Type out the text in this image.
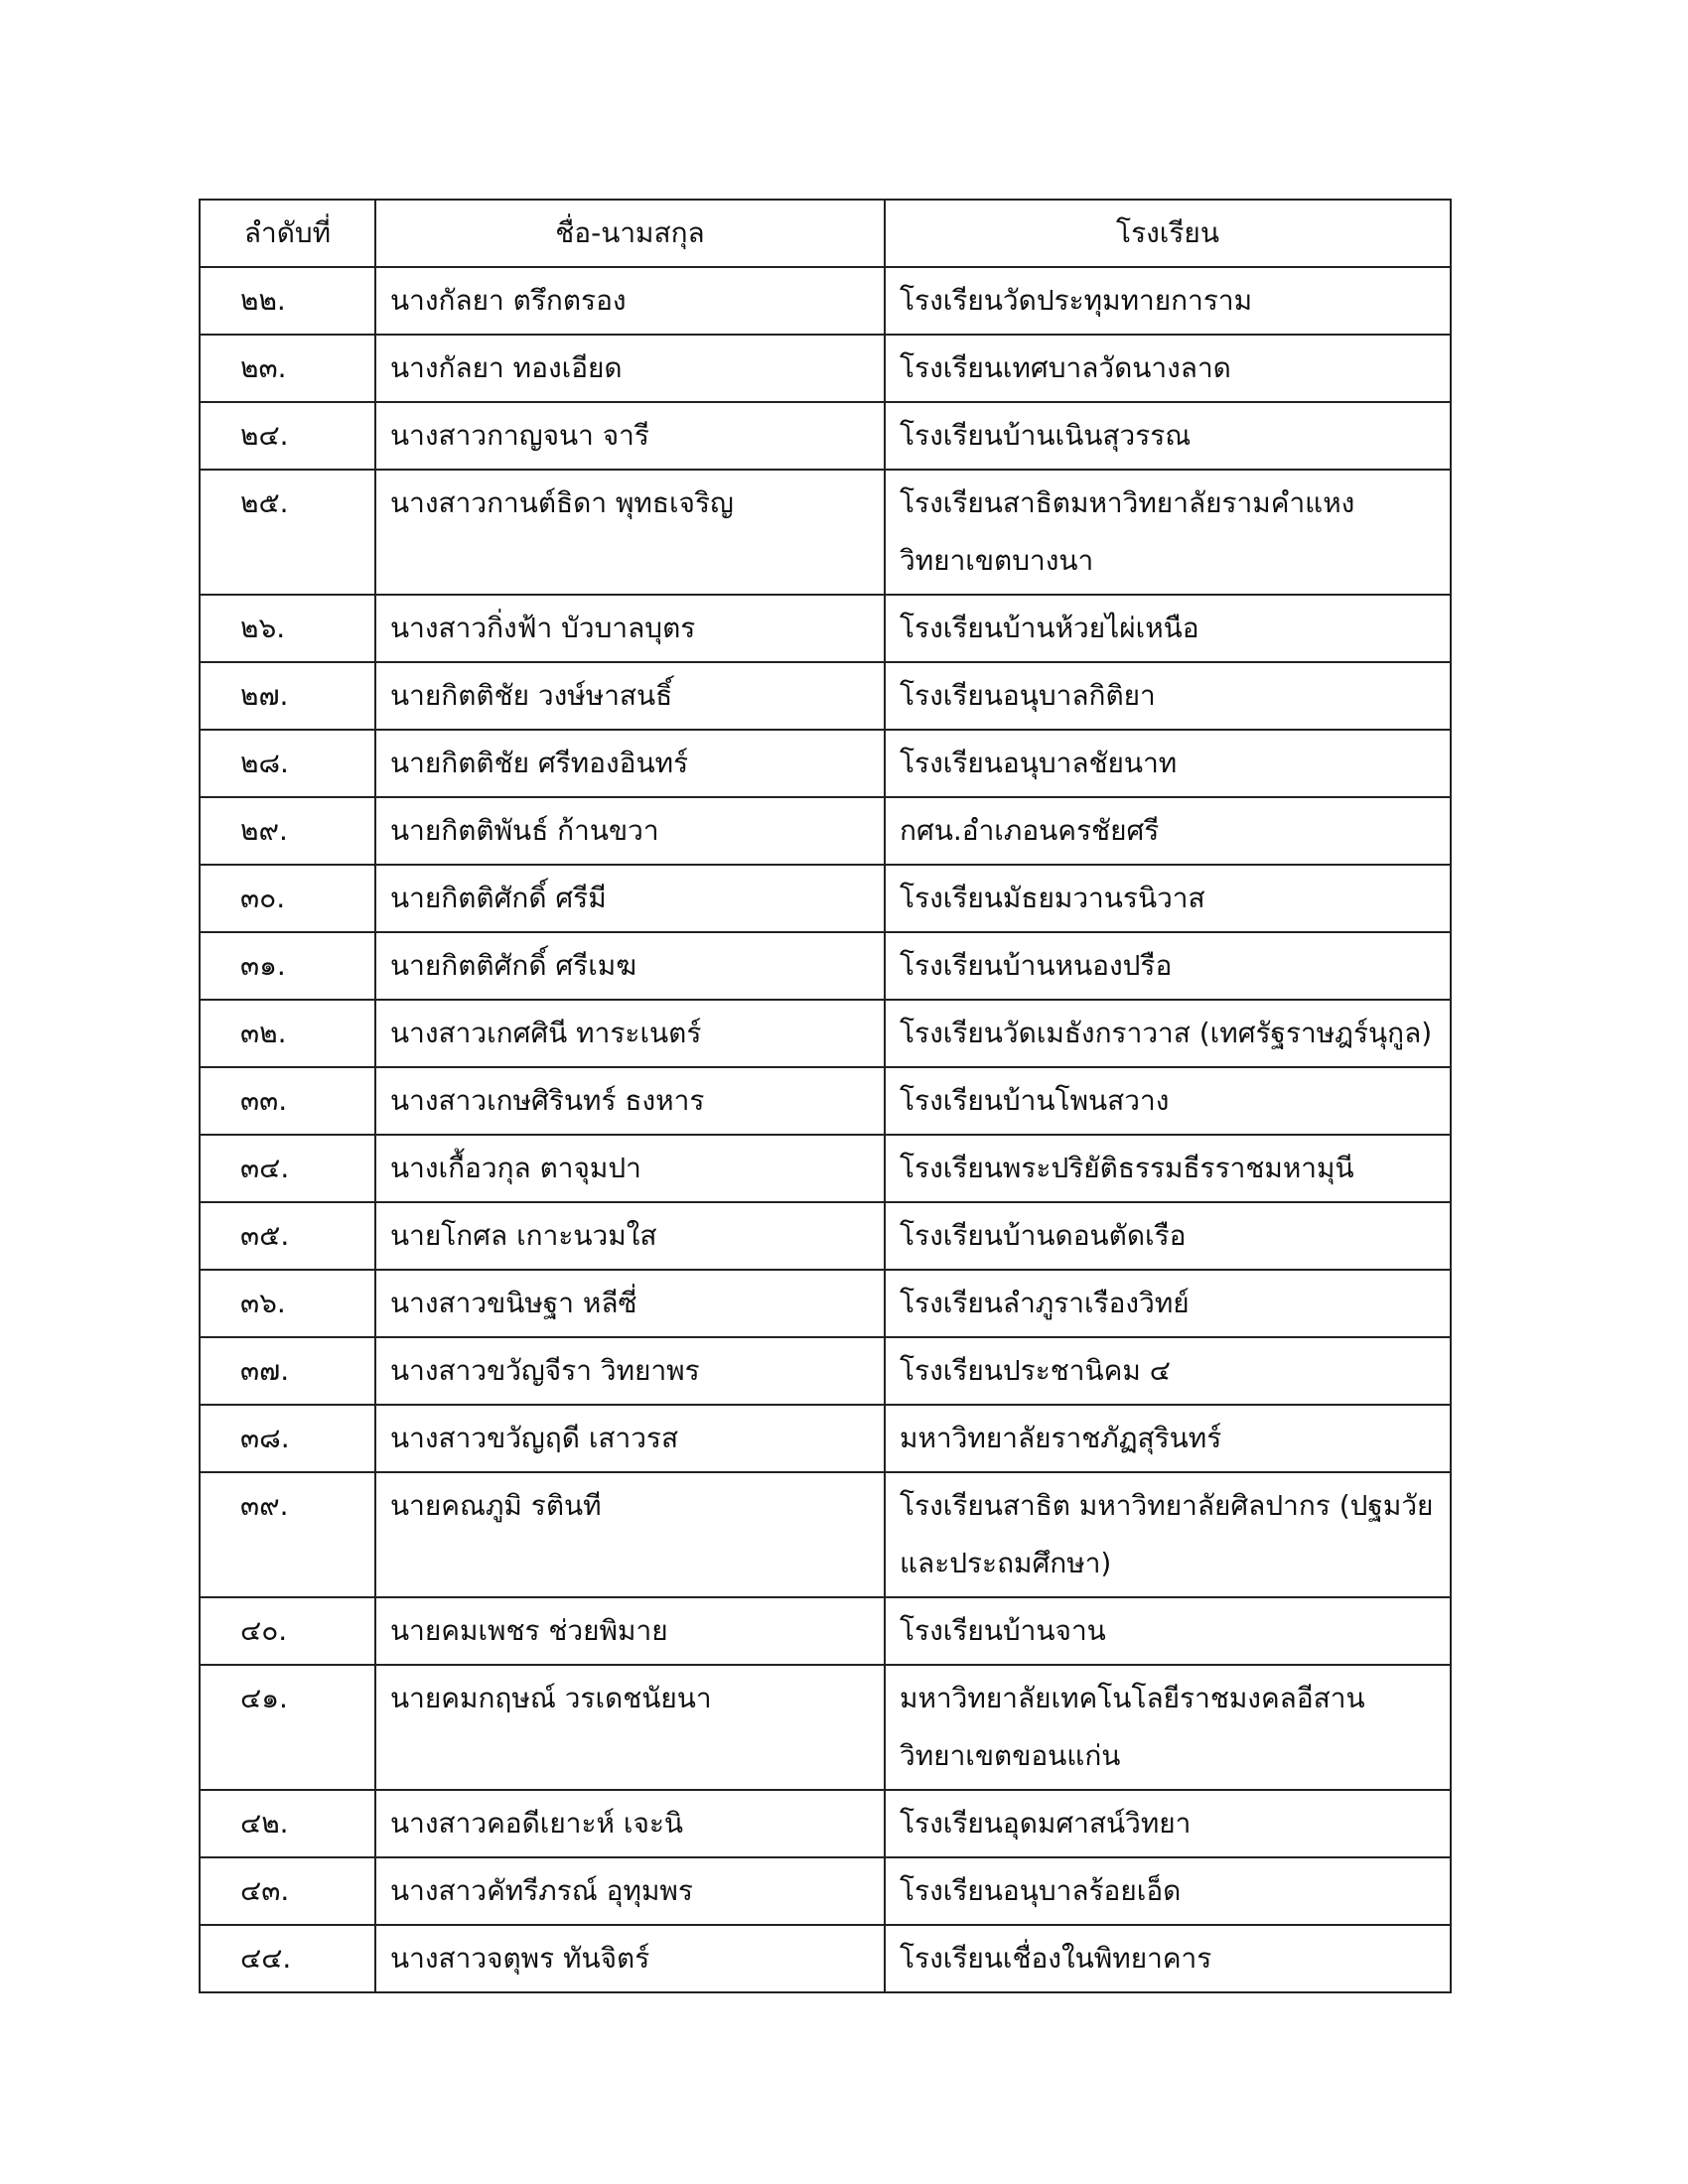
ลำดับที่	ชื่อ-นามสกุล	โรงเรียน
๒๒.	นางกัลยา ตรึกตรอง	โรงเรียนวัดประทุมทายการาม
๒๓.	นางกัลยา ทองเอียด	โรงเรียนเทศบาลวัดนางลาด
๒๔.	นางสาวกาญจนา จารี	โรงเรียนบ้านเนินสุวรรณ
๒๕.	นางสาวกานต์ธิดา พุทธเจริญ	โรงเรียนสาธิตมหาวิทยาลัยรามคำแหง วิทยาเขตบางนา
๒๖.	นางสาวกิ่งฟ้า บัวบาลบุตร	โรงเรียนบ้านห้วยไผ่เหนือ
๒๗.	นายกิตติชัย วงษ์ษาสนธิ์	โรงเรียนอนุบาลกิติยา
๒๘.	นายกิตติชัย ศรีทองอินทร์	โรงเรียนอนุบาลชัยนาท
๒๙.	นายกิตติพันธ์ ก้านขวา	กศน.อำเภอนครชัยศรี
๓๐.	นายกิตติศักดิ์ ศรีมี	โรงเรียนมัธยมวานรนิวาส
๓๑.	นายกิตติศักดิ์ ศรีเมฆ	โรงเรียนบ้านหนองปรือ
๓๒.	นางสาวเกศศินี ทาระเนตร์	โรงเรียนวัดเมธังกราวาส (เทศรัฐราษฎร์นุกูล)
๓๓.	นางสาวเกษศิรินทร์ ธงหาร	โรงเรียนบ้านโพนสวาง
๓๔.	นางเกื้อวกุล ตาจุมปา	โรงเรียนพระปริยัติธรรมธีรราชมหามุนี
๓๕.	นายโกศล เกาะนวมใส	โรงเรียนบ้านดอนตัดเรือ
๓๖.	นางสาวขนิษฐา หลีซี่	โรงเรียนลำภูราเรืองวิทย์
๓๗.	นางสาวขวัญจีรา วิทยาพร	โรงเรียนประชานิคม ๔
๓๘.	นางสาวขวัญฤดี เสาวรส	มหาวิทยาลัยราชภัฏสุรินทร์
๓๙.	นายคณภูมิ รตินที	โรงเรียนสาธิต มหาวิทยาลัยศิลปากร (ปฐมวัยและประถมศึกษา)
๔๐.	นายคมเพชร ช่วยพิมาย	โรงเรียนบ้านจาน
๔๑.	นายคมกฤษณ์ วรเดชนัยนา	มหาวิทยาลัยเทคโนโลยีราชมงคลอีสาน วิทยาเขตขอนแก่น
๔๒.	นางสาวคอดีเยาะห์ เจะนิ	โรงเรียนอุดมศาสน์วิทยา
๔๓.	นางสาวคัทรีภรณ์ อุทุมพร	โรงเรียนอนุบาลร้อยเอ็ด
๔๔.	นางสาวจตุพร ทันจิตร์	โรงเรียนเชื่องในพิทยาคาร
